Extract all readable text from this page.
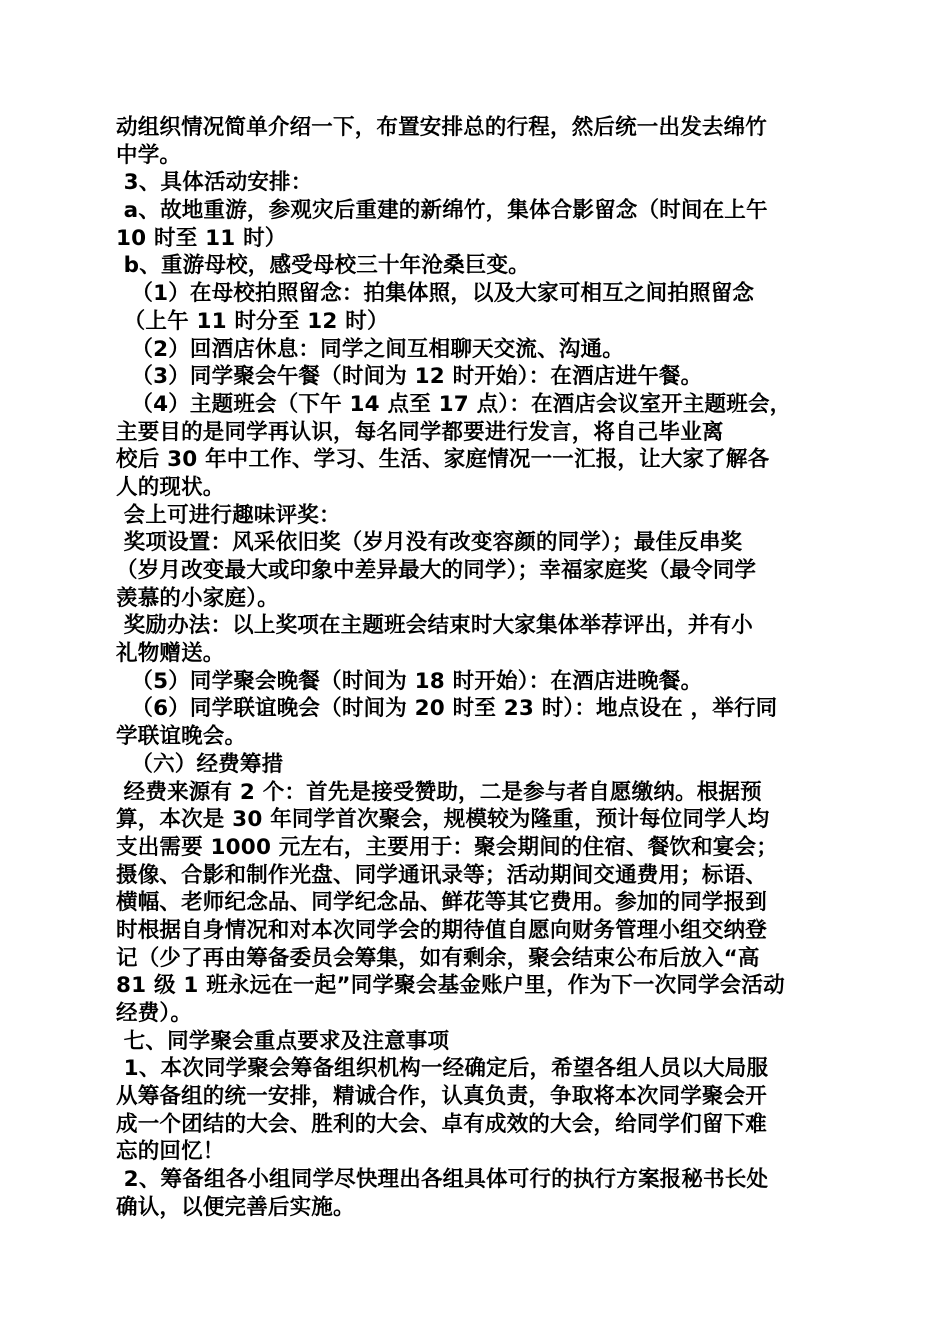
动组织情况简单介绍一下，布置安排总的行程，然后统一出发去绵竹
中学。
3、具体活动安排：
a、故地重游，参观灾后重建的新绵竹，集体合影留念（时间在上午
10 时至 11 时）
b、重游母校，感受母校三十年沧桑巨变。
（1）在母校拍照留念：拍集体照，以及大家可相互之间拍照留念
（上午 11 时分至 12 时）
（2）回酒店休息：同学之间互相聊天交流、沟通。
（3）同学聚会午餐（时间为 12 时开始）：在酒店进午餐。
（4）主题班会（下午 14 点至 17 点）：在酒店会议室开主题班会，
主要目的是同学再认识，每名同学都要进行发言，将自己毕业离
校后 30 年中工作、学习、生活、家庭情况一一汇报，让大家了解各
人的现状。
会上可进行趣味评奖：
奖项设置：风采依旧奖（岁月没有改变容颜的同学）；最佳反串奖
（岁月改变最大或印象中差异最大的同学）；幸福家庭奖（最令同学
羡慕的小家庭）。
奖励办法：以上奖项在主题班会结束时大家集体举荐评出，并有小
礼物赠送。
（5）同学聚会晚餐（时间为 18 时开始）：在酒店进晚餐。
（6）同学联谊晚会（时间为 20 时至 23 时）：地点设在 ，举行同
学联谊晚会。
（六）经费筹措
经费来源有 2 个：首先是接受赞助，二是参与者自愿缴纳。根据预
算，本次是 30 年同学首次聚会，规模较为隆重，预计每位同学人均
支出需要 1000 元左右，主要用于：聚会期间的住宿、餐饮和宴会；
摄像、合影和制作光盘、同学通讯录等；活动期间交通费用；标语、
横幅、老师纪念品、同学纪念品、鲜花等其它费用。参加的同学报到
时根据自身情况和对本次同学会的期待值自愿向财务管理小组交纳登
记（少了再由筹备委员会筹集，如有剩余，聚会结束公布后放入“高
81 级 1 班永远在一起”同学聚会基金账户里，作为下一次同学会活动
经费）。
七、同学聚会重点要求及注意事项
1、本次同学聚会筹备组织机构一经确定后，希望各组人员以大局服
从筹备组的统一安排，精诚合作，认真负责，争取将本次同学聚会开
成一个团结的大会、胜利的大会、卓有成效的大会，给同学们留下难
忘的回忆！
2、筹备组各小组同学尽快理出各组具体可行的执行方案报秘书长处
确认，以便完善后实施。
